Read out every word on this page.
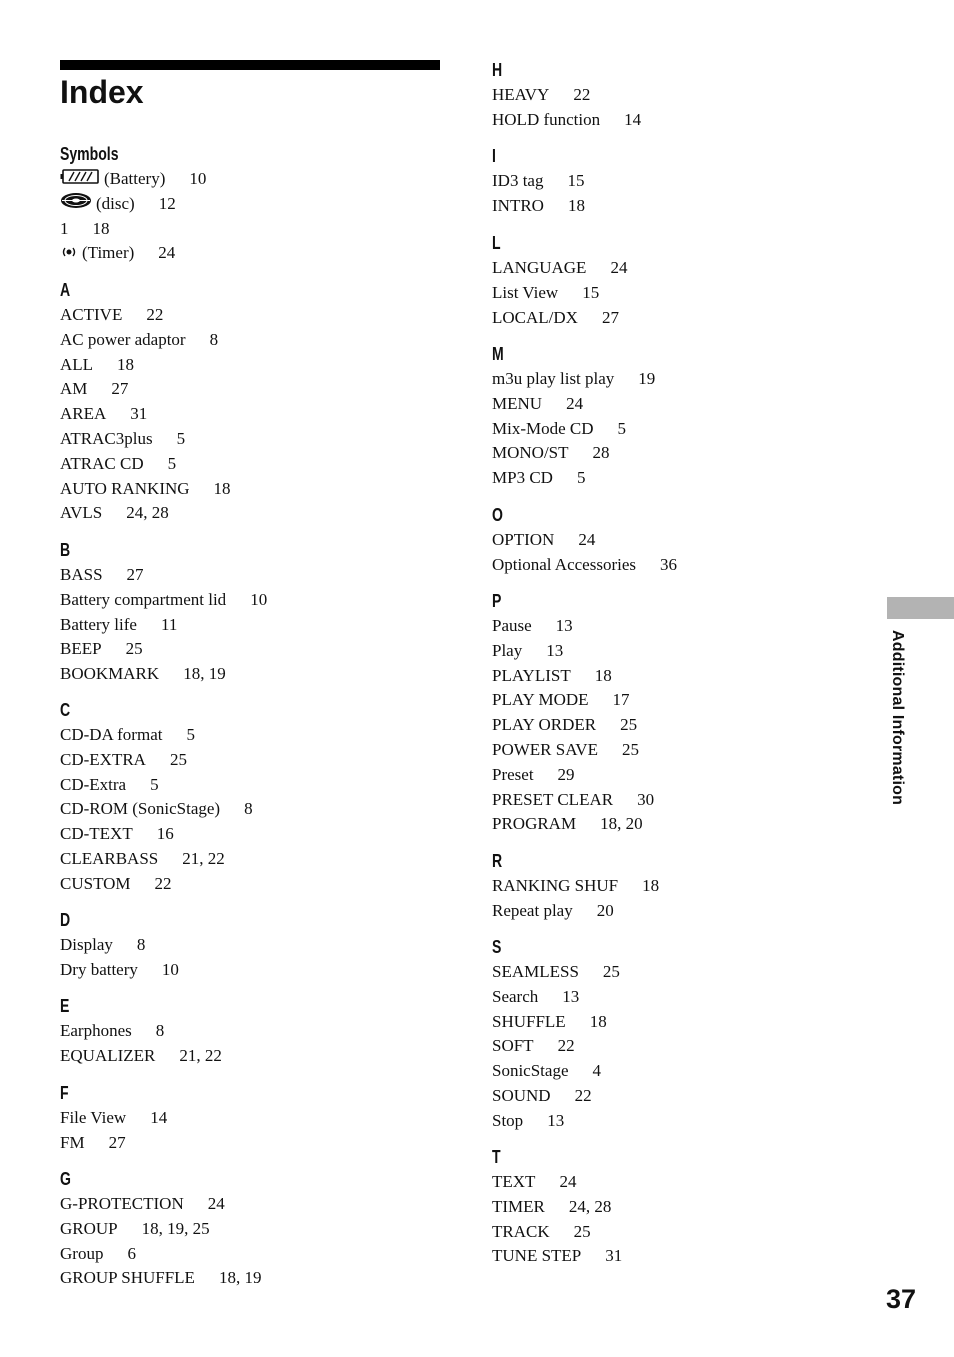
Index
Symbols
(Battery) 10
(disc) 12
1 18
(Timer) 24
A
ACTIVE 22
AC power adaptor 8
ALL 18
AM 27
AREA 31
ATRAC3plus 5
ATRAC CD 5
AUTO RANKING 18
AVLS 24, 28
B
BASS 27
Battery compartment lid 10
Battery life 11
BEEP 25
BOOKMARK 18, 19
C
CD-DA format 5
CD-EXTRA 25
CD-Extra 5
CD-ROM (SonicStage) 8
CD-TEXT 16
CLEARBASS 21, 22
CUSTOM 22
D
Display 8
Dry battery 10
E
Earphones 8
EQUALIZER 21, 22
F
File View 14
FM 27
G
G-PROTECTION 24
GROUP 18, 19, 25
Group 6
GROUP SHUFFLE 18, 19
H
HEAVY 22
HOLD function 14
I
ID3 tag 15
INTRO 18
L
LANGUAGE 24
List View 15
LOCAL/DX 27
M
m3u play list play 19
MENU 24
Mix-Mode CD 5
MONO/ST 28
MP3 CD 5
O
OPTION 24
Optional Accessories 36
P
Pause 13
Play 13
PLAYLIST 18
PLAY MODE 17
PLAY ORDER 25
POWER SAVE 25
Preset 29
PRESET CLEAR 30
PROGRAM 18, 20
R
RANKING SHUF 18
Repeat play 20
S
SEAMLESS 25
Search 13
SHUFFLE 18
SOFT 22
SonicStage 4
SOUND 22
Stop 13
T
TEXT 24
TIMER 24, 28
TRACK 25
TUNE STEP 31
Additional Information
37
